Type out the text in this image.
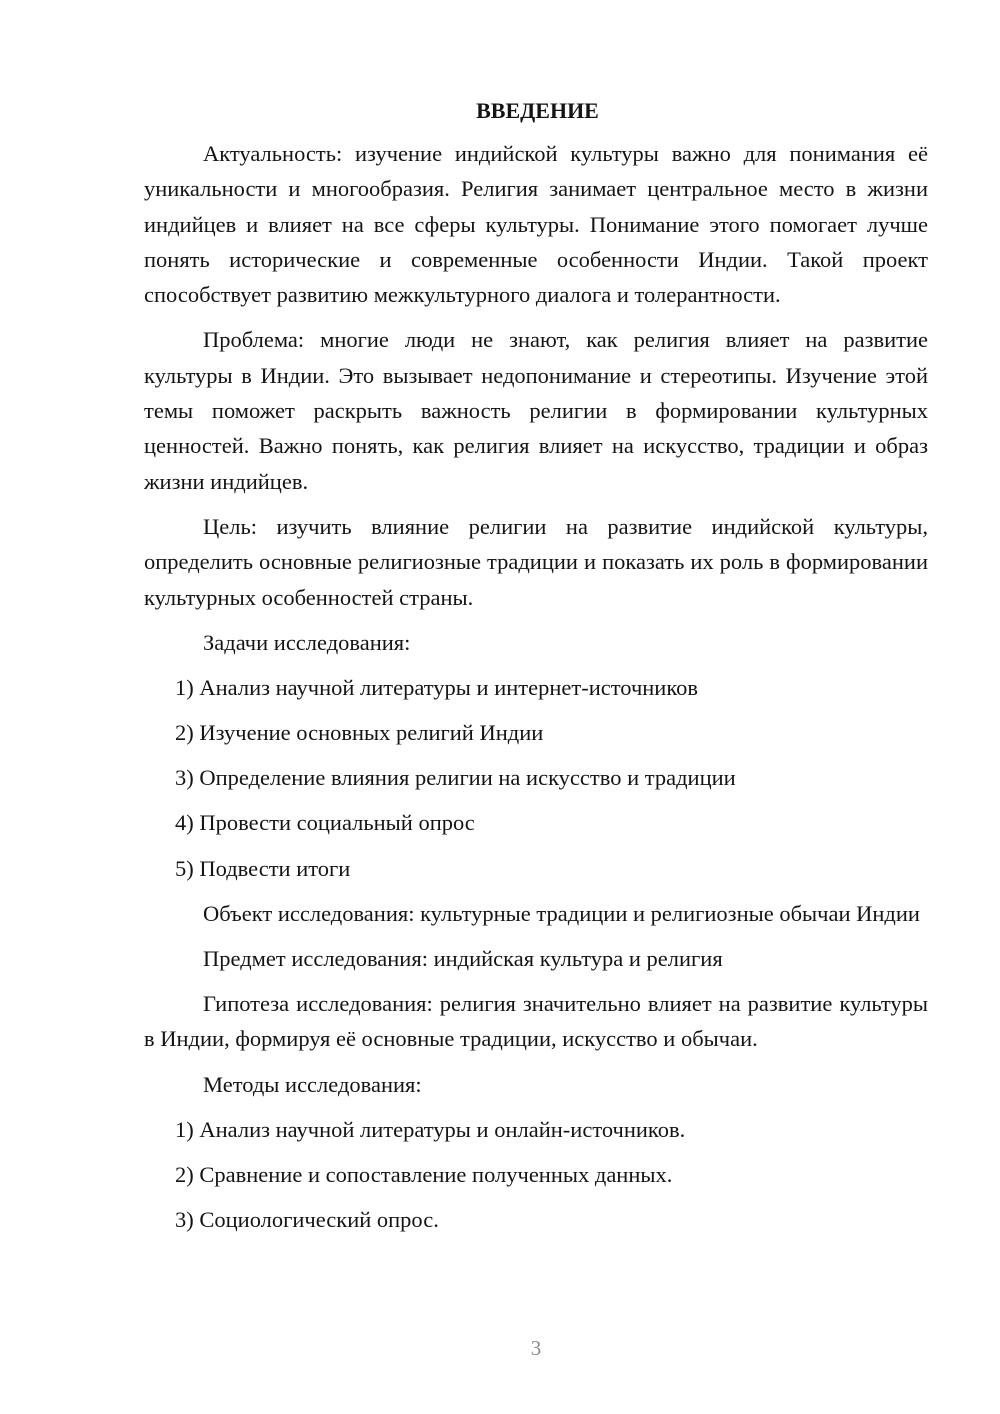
ВВЕДЕНИЕ

Актуальность: изучение индийской культуры важно для понимания её уникальности и многообразия. Религия занимает центральное место в жизни индийцев и влияет на все сферы культуры. Понимание этого помогает лучше понять исторические и современные особенности Индии. Такой проект способствует развитию межкультурного диалога и толерантности.

Проблема: многие люди не знают, как религия влияет на развитие культуры в Индии. Это вызывает недопонимание и стереотипы. Изучение этой темы поможет раскрыть важность религии в формировании культурных ценностей. Важно понять, как религия влияет на искусство, традиции и образ жизни индийцев.

Цель: изучить влияние религии на развитие индийской культуры, определить основные религиозные традиции и показать их роль в формировании культурных особенностей страны.

Задачи исследования:

1) Анализ научной литературы и интернет-источников
2) Изучение основных религий Индии
3) Определение влияния религии на искусство и традиции
4) Провести социальный опрос
5) Подвести итоги

Объект исследования: культурные традиции и религиозные обычаи Индии

Предмет исследования: индийская культура и религия

Гипотеза исследования: религия значительно влияет на развитие культуры в Индии, формируя её основные традиции, искусство и обычаи.

Методы исследования:

1) Анализ научной литературы и онлайн-источников.
2) Сравнение и сопоставление полученных данных.
3) Социологический опрос.
3
